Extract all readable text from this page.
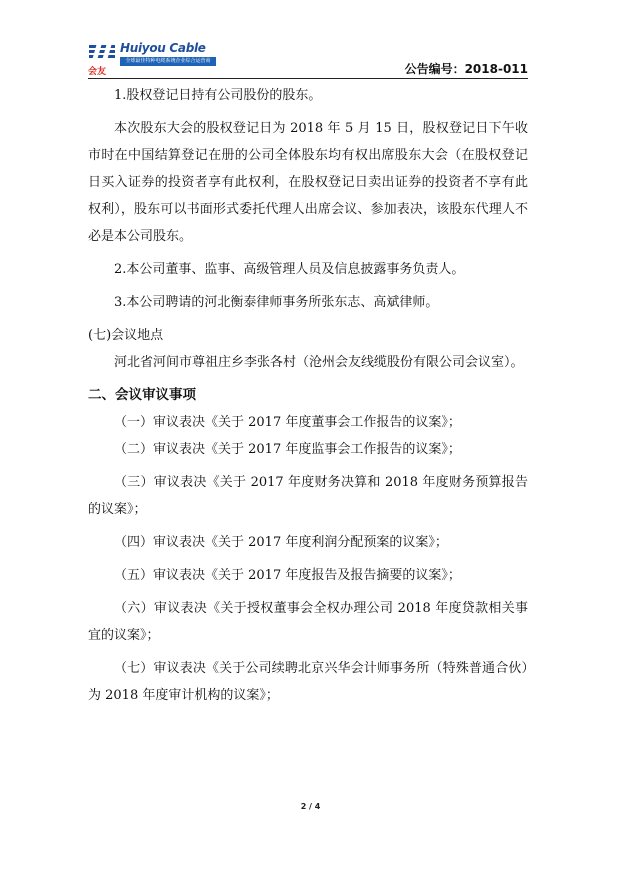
会友
Huiyou Cable
全球最佳特种电缆系统企业综合运营商
公告编号：2018-011

1.股权登记日持有公司股份的股东。

本次股东大会的股权登记日为 2018 年 5 月 15 日，股权登记日下午收市时在中国结算登记在册的公司全体股东均有权出席股东大会（在股权登记日买入证券的投资者享有此权利，在股权登记日卖出证券的投资者不享有此权利），股东可以书面形式委托代理人出席会议、参加表决，该股东代理人不必是本公司股东。

2.本公司董事、监事、高级管理人员及信息披露事务负责人。

3.本公司聘请的河北衡泰律师事务所张东志、高斌律师。

(七)会议地点

河北省河间市尊祖庄乡李张各村（沧州会友线缆股份有限公司会议室）。

二、会议审议事项

（一）审议表决《关于 2017 年度董事会工作报告的议案》；

（二）审议表决《关于 2017 年度监事会工作报告的议案》；

（三）审议表决《关于 2017 年度财务决算和 2018 年度财务预算报告的议案》；

（四）审议表决《关于 2017 年度利润分配预案的议案》；

（五）审议表决《关于 2017 年度报告及报告摘要的议案》；

（六）审议表决《关于授权董事会全权办理公司 2018 年度贷款相关事宜的议案》；

（七）审议表决《关于公司续聘北京兴华会计师事务所（特殊普通合伙）为 2018 年度审计机构的议案》；

2 / 4
